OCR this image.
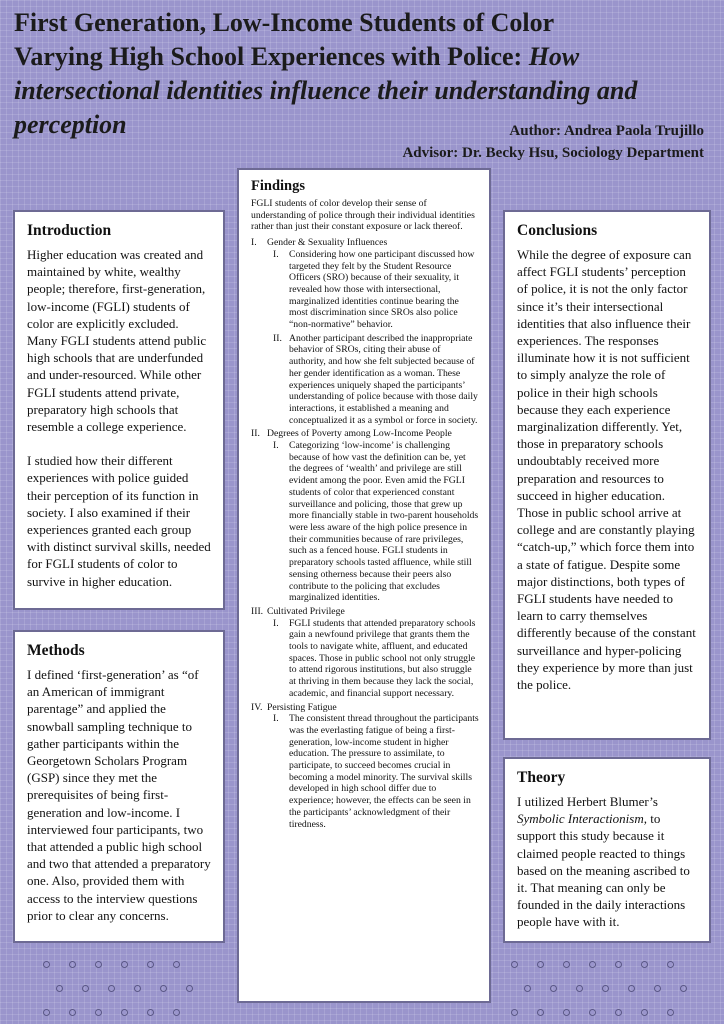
First Generation, Low-Income Students of Color
Varying High School Experiences with Police: How
intersectional identities influence their understanding and
perception	Author: Andrea Paola Trujillo
Advisor: Dr. Becky Hsu, Sociology Department
Introduction

Higher education was created and maintained by white, wealthy people; therefore, first-generation, low-income (FGLI) students of color are explicitly excluded. Many FGLI students attend public high schools that are underfunded and under-resourced. While other FGLI students attend private, preparatory high schools that resemble a college experience.

I studied how their different experiences with police guided their perception of its function in society. I also examined if their experiences granted each group with distinct survival skills, needed for FGLI students of color to survive in higher education.

Methods

I defined ‘first-generation’ as “of an American of immigrant parentage” and applied the snowball sampling technique to gather participants within the Georgetown Scholars Program (GSP) since they met the prerequisites of being first-generation and low-income. I interviewed four participants, two that attended a public high school and two that attended a preparatory one. Also, provided them with access to the interview questions prior to clear any concerns.

Findings
FGLI students of color develop their sense of understanding of police through their individual identities rather than just their constant exposure or lack thereof.
I.	Gender & Sexuality Influences
I.	Considering how one participant discussed how targeted they felt by the Student Resource Officers (SRO) because of their sexuality, it revealed how those with intersectional, marginalized identities continue bearing the most discrimination since SROs also police “non-normative” behavior.
II. Another participant described the inappropriate behavior of SROs, citing their abuse of authority, and how she felt subjected because of her gender identification as a woman. These experiences uniquely shaped the participants’ understanding of police because with those daily interactions, it established a meaning and conceptualized it as a symbol or force in society.
II. Degrees of Poverty among Low-Income People
I.	Categorizing ‘low-income’ is challenging because of how vast the definition can be, yet the degrees of ‘wealth’ and privilege are still evident among the poor. Even amid the FGLI students of color that experienced constant surveillance and policing, those that grew up more financially stable in two-parent households were less aware of the high police presence in their communities because of rare privileges, such as a fenced house. FGLI students in preparatory schools tasted affluence, while still sensing otherness because their peers also contribute to the policing that excludes marginalized identities.
III. Cultivated Privilege
I.	FGLI students that attended preparatory schools gain a newfound privilege that grants them the tools to navigate white, affluent, and educated spaces. Those in public school not only struggle to attend rigorous institutions, but also struggle at thriving in them because they lack the social, academic, and financial support necessary.
IV. Persisting Fatigue
I.	The consistent thread throughout the participants was the everlasting fatigue of being a first-generation, low-income student in higher education. The pressure to assimilate, to participate, to succeed becomes crucial in becoming a model minority. The survival skills developed in high school differ due to experience; however, the effects can be seen in the participants’ acknowledgment of their tiredness.
Conclusions

While the degree of exposure can affect FGLI students’ perception of police, it is not the only factor since it’s their intersectional identities that also influence their experiences. The responses illuminate how it is not sufficient to simply analyze the role of police in their high schools because they each experience marginalization differently. Yet, those in preparatory schools undoubtably received more preparation and resources to succeed in higher education. Those in public school arrive at college and are constantly playing “catch-up,” which force them into a state of fatigue. Despite some major distinctions, both types of FGLI students have needed to learn to carry themselves differently because of the constant surveillance and hyper-policing they experience by more than just the police.

Theory

I utilized Herbert Blumer’s Symbolic Interactionism, to support this study because it claimed people reacted to things based on the meaning ascribed to it. That meaning can only be founded in the daily interactions people have with it.
